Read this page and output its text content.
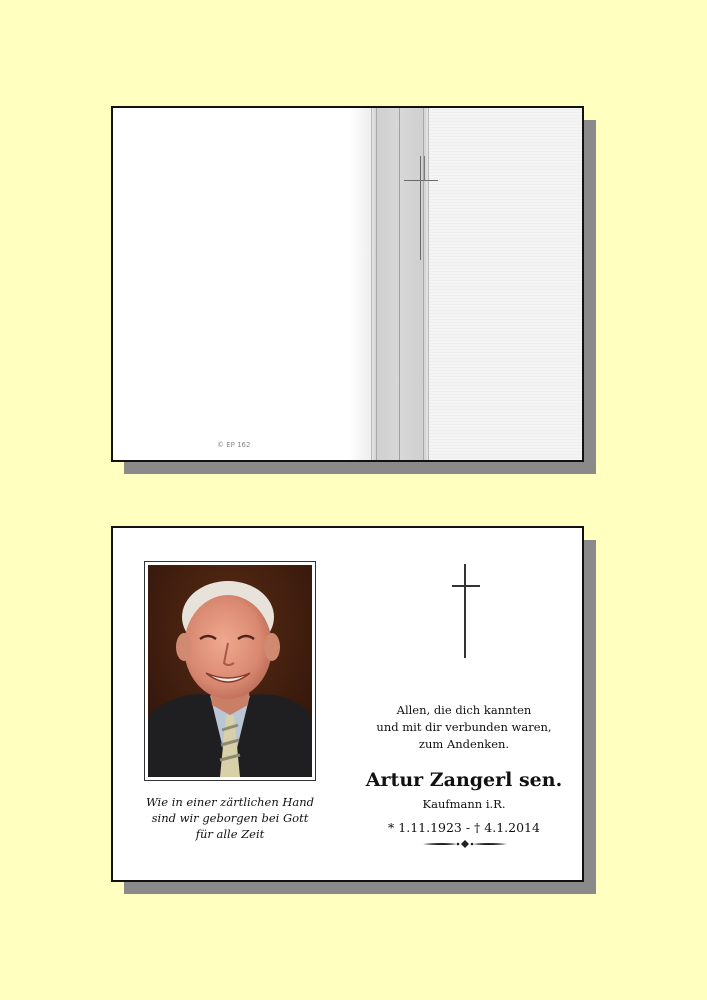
© EP 162
Wie in einer zärtlichen Hand
sind wir geborgen bei Gott
für alle Zeit
Allen, die dich kannten
und mit dir verbunden waren,
zum Andenken.
Artur Zangerl sen.
Kaufmann i.R.
* 1.11.1923 - † 4.1.2014
